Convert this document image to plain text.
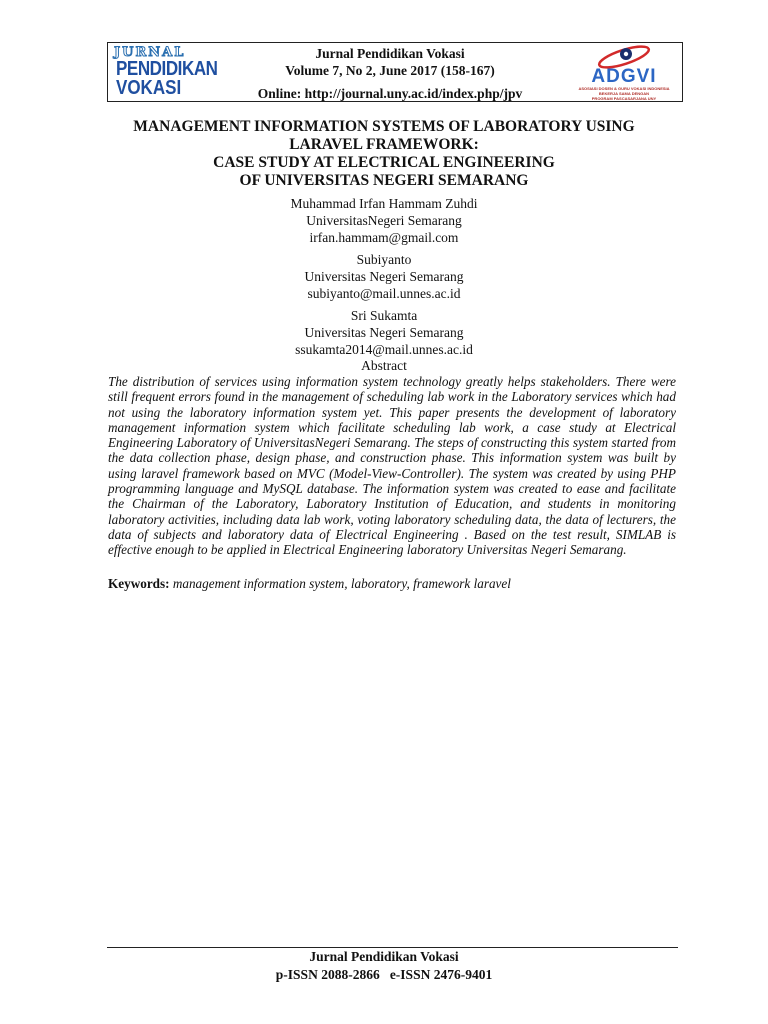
JURNAL
PENDIDIKAN
VOKASI
Jurnal Pendidikan Vokasi
Volume 7, No 2, June 2017 (158-167)
Online: http://journal.uny.ac.id/index.php/jpv
ADGVI
ASOSIASI DOSEN & GURU VOKASI INDONESIA
BEKERJA SAMA DENGAN
PROGRAM PASCASARJANA UNY
MANAGEMENT INFORMATION SYSTEMS OF LABORATORY USING
LARAVEL FRAMEWORK:
CASE STUDY AT ELECTRICAL ENGINEERING
OF UNIVERSITAS NEGERI SEMARANG
Muhammad Irfan Hammam Zuhdi
UniversitasNegeri Semarang
irfan.hammam@gmail.com
Subiyanto
Universitas Negeri Semarang
subiyanto@mail.unnes.ac.id
Sri Sukamta
Universitas Negeri Semarang
ssukamta2014@mail.unnes.ac.id
Abstract
The distribution of services using information system technology greatly helps stakeholders. There were still frequent errors found in the management of scheduling lab work in the Laboratory services which had not using the laboratory information system yet. This paper presents the development of laboratory management information system which facilitate scheduling lab work, a case study at Electrical Engineering Laboratory of UniversitasNegeri Semarang. The steps of constructing this system started from the data collection phase, design phase, and construction phase. This information system was built by using laravel framework based on MVC (Model-View-Controller). The system was created by using PHP programming language and MySQL database. The information system was created to ease and facilitate the Chairman of the Laboratory, Laboratory Institution of Education, and students in monitoring laboratory activities, including data lab work, voting laboratory scheduling data, the data of lecturers, the data of subjects and laboratory data of Electrical Engineering . Based on the test result, SIMLAB is effective enough to be applied in Electrical Engineering laboratory Universitas Negeri Semarang.
Keywords: management information system, laboratory, framework laravel
Jurnal Pendidikan Vokasi
p-ISSN 2088-2866   e-ISSN 2476-9401
